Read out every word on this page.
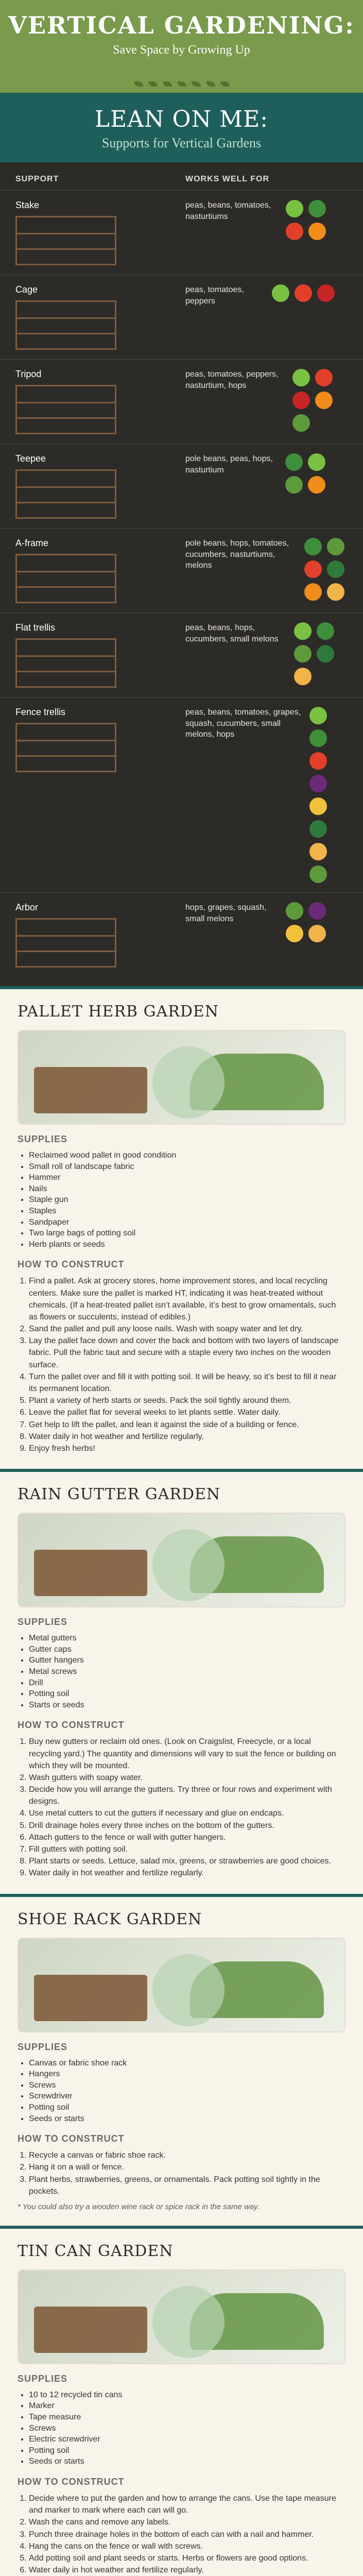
VERTICAL GARDENING:
Save Space by Growing Up
LEAN ON ME:
Supports for Vertical Gardens
SUPPORT	WORKS WELL FOR
Stake	peas, beans, tomatoes, nasturtiums
Cage	peas, tomatoes, peppers
Tripod	peas, tomatoes, peppers, nasturtium, hops
Teepee	pole beans, peas, hops, nasturtium
A-frame	pole beans, hops, tomatoes, cucumbers, nasturtiums, melons
Flat trellis	peas, beans, hops, cucumbers, small melons
Fence trellis	peas, beans, tomatoes, grapes, squash, cucumbers, small melons, hops
Arbor	hops, grapes, squash, small melons
PALLET HERB GARDEN
SUPPLIES
• Reclaimed wood pallet in good condition
• Small roll of landscape fabric
• Hammer
• Nails
• Staple gun
• Staples
• Sandpaper
• Two large bags of potting soil
• Herb plants or seeds
HOW TO CONSTRUCT
1. Find a pallet. Ask at grocery stores, home improvement stores, and local recycling centers. Make sure the pallet is marked HT, indicating it was heat-treated without chemicals. (If a heat-treated pallet isn’t available, it’s best to grow ornamentals, such as flowers or succulents, instead of edibles.)
2. Sand the pallet and pull any loose nails. Wash with soapy water and let dry.
3. Lay the pallet face down and cover the back and bottom with two layers of landscape fabric. Pull the fabric taut and secure with a staple every two inches on the wooden surface.
4. Turn the pallet over and fill it with potting soil. It will be heavy, so it’s best to fill it near its permanent location.
5. Plant a variety of herb starts or seeds. Pack the soil tightly around them.
6. Leave the pallet flat for several weeks to let plants settle. Water daily.
7. Get help to lift the pallet, and lean it against the side of a building or fence.
8. Water daily in hot weather and fertilize regularly.
9. Enjoy fresh herbs!
RAIN GUTTER GARDEN
SUPPLIES
• Metal gutters
• Gutter caps
• Gutter hangers
• Metal screws
• Drill
• Potting soil
• Starts or seeds
HOW TO CONSTRUCT
1. Buy new gutters or reclaim old ones. (Look on Craigslist, Freecycle, or a local recycling yard.) The quantity and dimensions will vary to suit the fence or building on which they will be mounted.
2. Wash gutters with soapy water.
3. Decide how you will arrange the gutters. Try three or four rows and experiment with designs.
4. Use metal cutters to cut the gutters if necessary and glue on endcaps.
5. Drill drainage holes every three inches on the bottom of the gutters.
6. Attach gutters to the fence or wall with gutter hangers.
7. Fill gutters with potting soil.
8. Plant starts or seeds. Lettuce, salad mix, greens, or strawberries are good choices.
9. Water daily in hot weather and fertilize regularly.
SHOE RACK GARDEN
SUPPLIES
• Canvas or fabric shoe rack
• Hangers
• Screws
• Screwdriver
• Potting soil
• Seeds or starts
HOW TO CONSTRUCT
1. Recycle a canvas or fabric shoe rack.
2. Hang it on a wall or fence.
3. Plant herbs, strawberries, greens, or ornamentals. Pack potting soil tightly in the pockets.
* You could also try a wooden wine rack or spice rack in the same way.
TIN CAN GARDEN
SUPPLIES
• 10 to 12 recycled tin cans
• Marker
• Tape measure
• Screws
• Electric screwdriver
• Potting soil
• Seeds or starts
HOW TO CONSTRUCT
1. Decide where to put the garden and how to arrange the cans. Use the tape measure and marker to mark where each can will go.
2. Wash the cans and remove any labels.
3. Punch three drainage holes in the bottom of each can with a nail and hammer.
4. Hang the cans on the fence or wall with screws.
5. Add potting soil and plant seeds or starts. Herbs or flowers are good options.
6. Water daily in hot weather and fertilize regularly.
